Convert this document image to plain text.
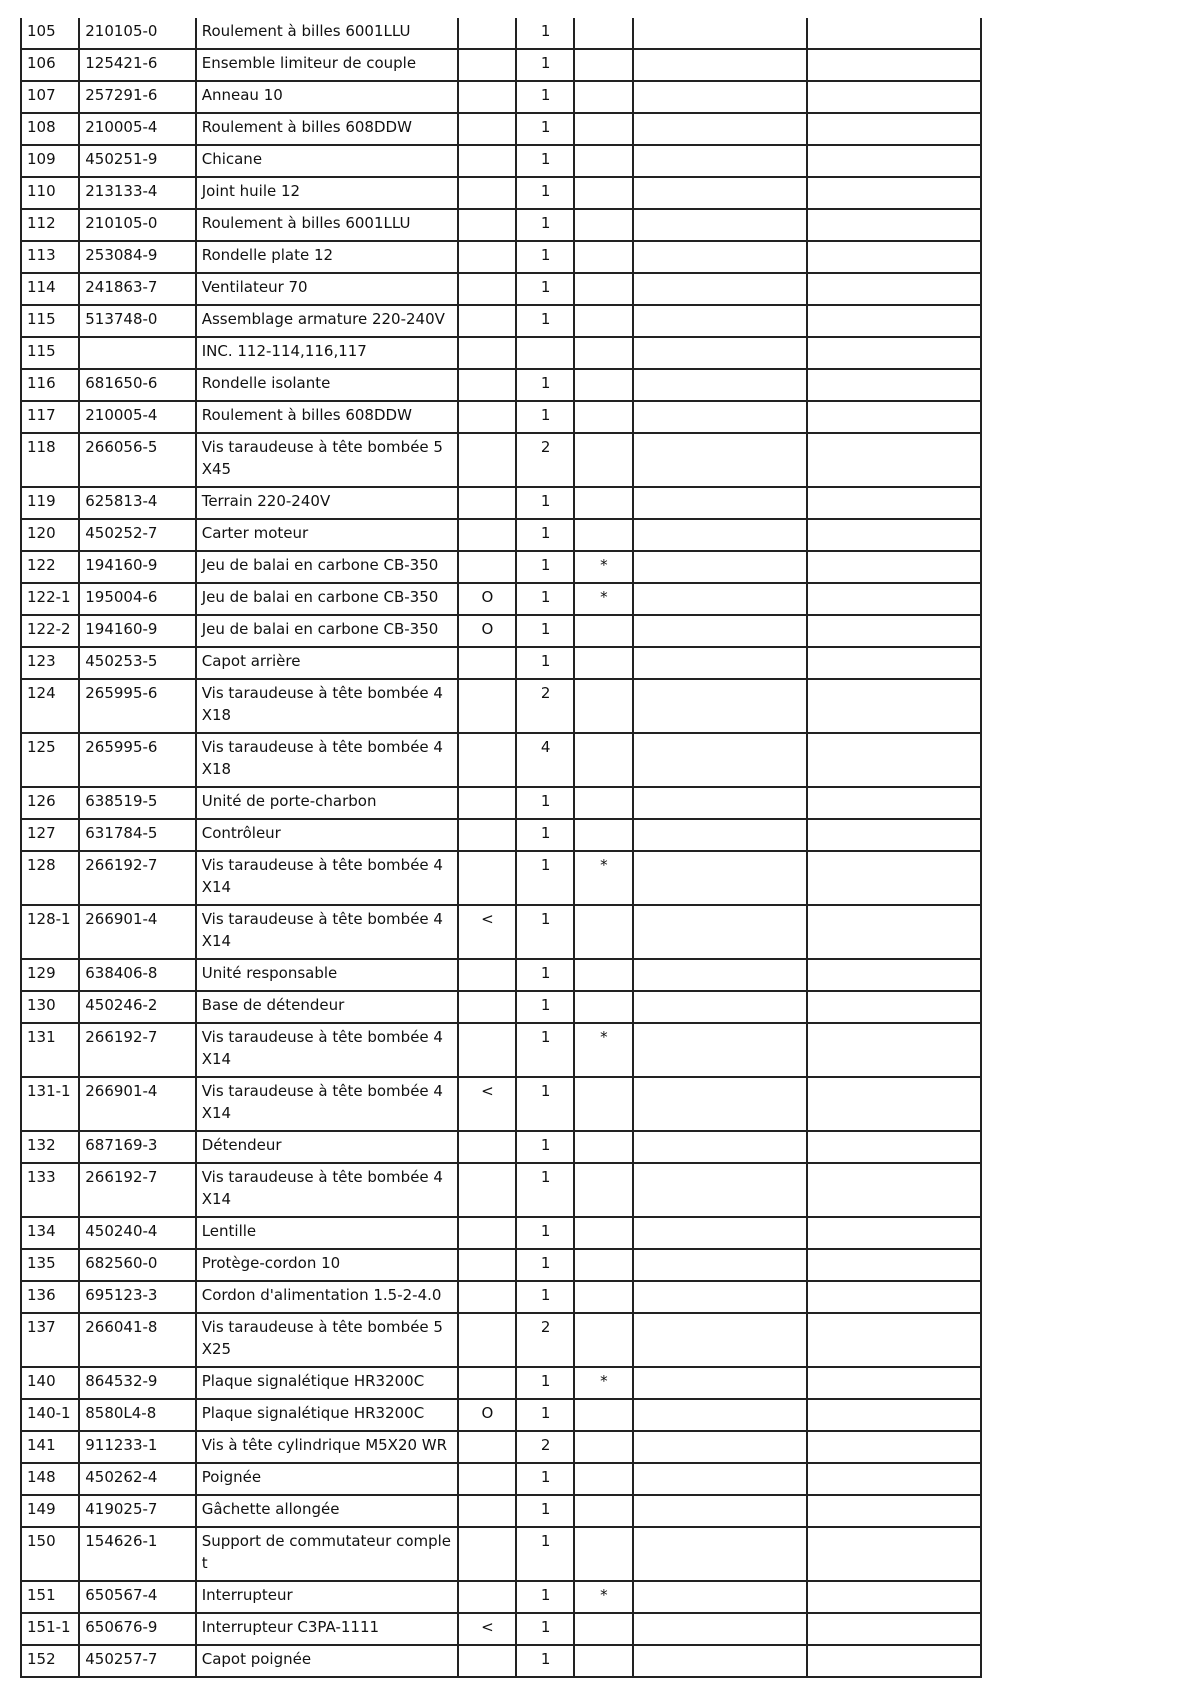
105	210105-0	Roulement à billes 6001LLU		1			
106	125421-6	Ensemble limiteur de couple		1			
107	257291-6	Anneau 10		1			
108	210005-4	Roulement à billes 608DDW		1			
109	450251-9	Chicane		1			
110	213133-4	Joint huile 12		1			
112	210105-0	Roulement à billes 6001LLU		1			
113	253084-9	Rondelle plate 12		1			
114	241863-7	Ventilateur 70		1			
115	513748-0	Assemblage armature 220-240V		1			
115		INC. 112-114,116,117					
116	681650-6	Rondelle isolante		1			
117	210005-4	Roulement à billes 608DDW		1			
118	266056-5	Vis taraudeuse à tête bombée 5X45		2			
119	625813-4	Terrain 220-240V		1			
120	450252-7	Carter moteur		1			
122	194160-9	Jeu de balai en carbone CB-350		1	*		
122-1	195004-6	Jeu de balai en carbone CB-350	O	1	*		
122-2	194160-9	Jeu de balai en carbone CB-350	O	1			
123	450253-5	Capot arrière		1			
124	265995-6	Vis taraudeuse à tête bombée 4X18		2			
125	265995-6	Vis taraudeuse à tête bombée 4X18		4			
126	638519-5	Unité de porte-charbon		1			
127	631784-5	Contrôleur		1			
128	266192-7	Vis taraudeuse à tête bombée 4X14		1	*		
128-1	266901-4	Vis taraudeuse à tête bombée 4X14	<	1			
129	638406-8	Unité responsable		1			
130	450246-2	Base de détendeur		1			
131	266192-7	Vis taraudeuse à tête bombée 4X14		1	*		
131-1	266901-4	Vis taraudeuse à tête bombée 4X14	<	1			
132	687169-3	Détendeur		1			
133	266192-7	Vis taraudeuse à tête bombée 4X14		1			
134	450240-4	Lentille		1			
135	682560-0	Protège-cordon 10		1			
136	695123-3	Cordon d'alimentation 1.5-2-4.0		1			
137	266041-8	Vis taraudeuse à tête bombée 5X25		2			
140	864532-9	Plaque signalétique HR3200C		1	*		
140-1	8580L4-8	Plaque signalétique HR3200C	O	1			
141	911233-1	Vis à tête cylindrique M5X20 WR		2			
148	450262-4	Poignée		1			
149	419025-7	Gâchette allongée		1			
150	154626-1	Support de commutateur complet		1			
151	650567-4	Interrupteur		1	*		
151-1	650676-9	Interrupteur C3PA-1111	<	1			
152	450257-7	Capot poignée		1			
